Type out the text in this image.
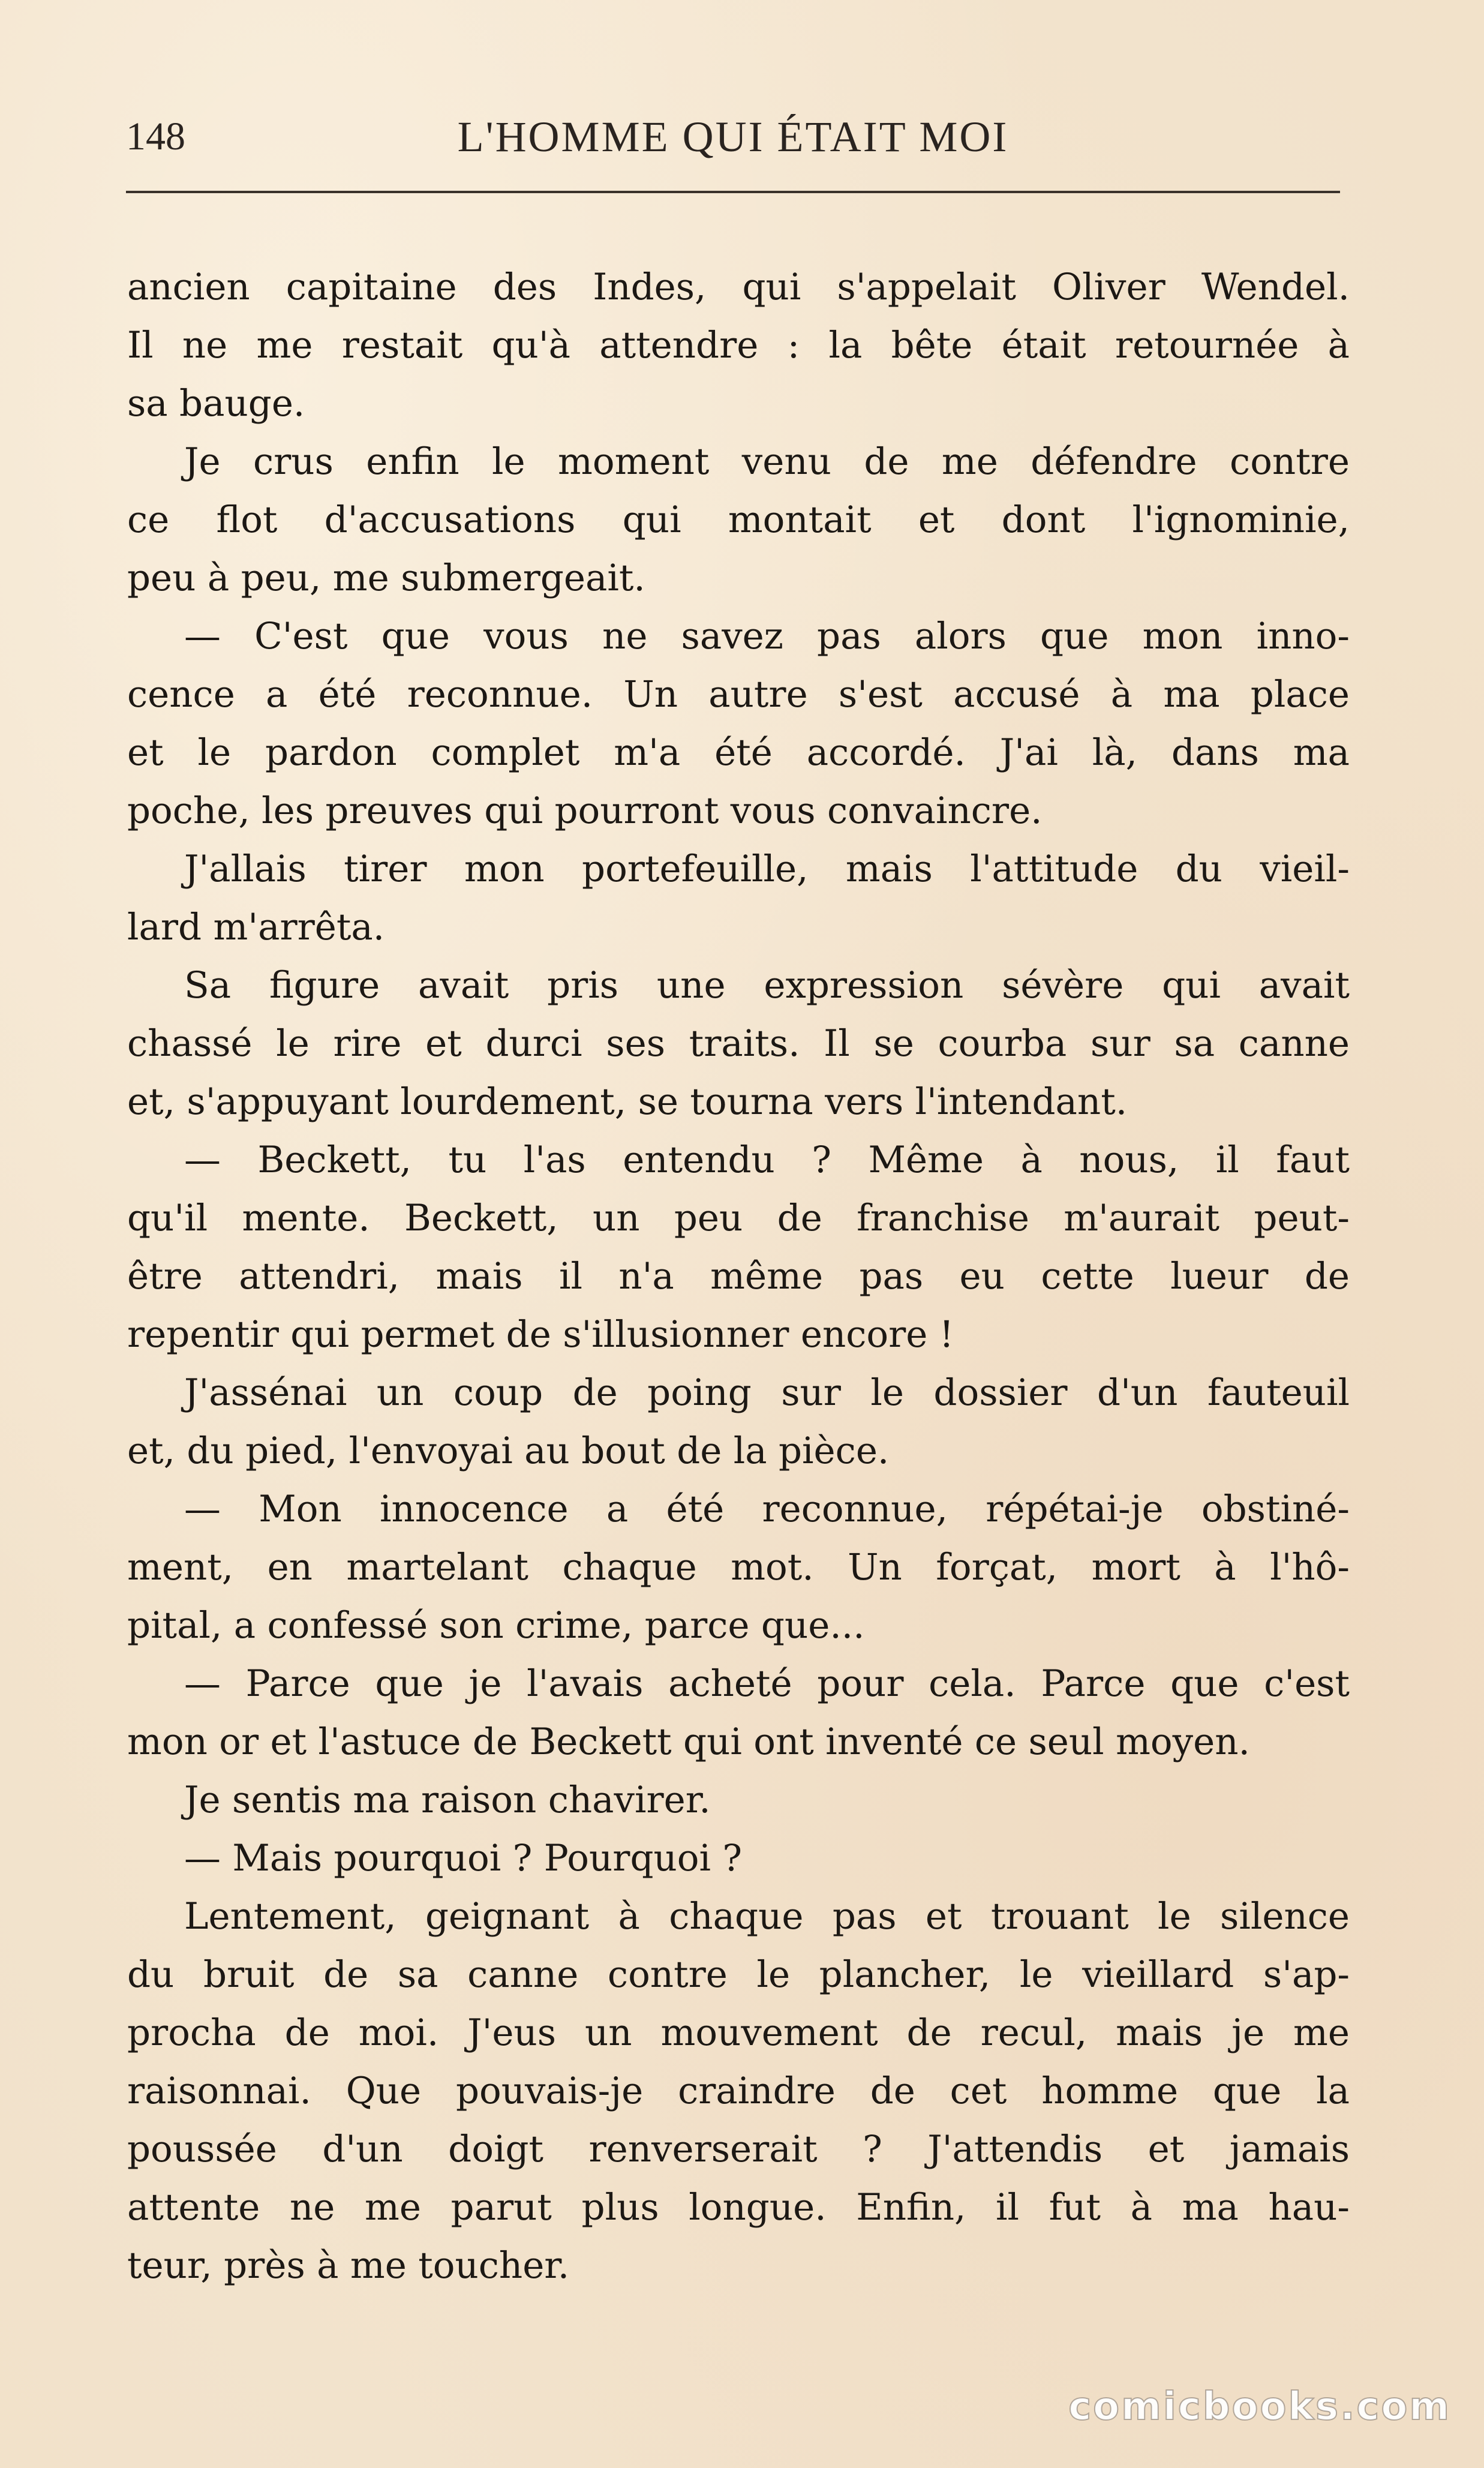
148	L'HOMME QUI ÉTAIT MOI
ancien capitaine des Indes, qui s'appelait Oliver Wendel.
Il ne me restait qu'à attendre : la bête était retournée à
sa bauge.
Je crus enfin le moment venu de me défendre contre
ce flot d'accusations qui montait et dont l'ignominie,
peu à peu, me submergeait.
— C'est que vous ne savez pas alors que mon inno-
cence a été reconnue. Un autre s'est accusé à ma place
et le pardon complet m'a été accordé. J'ai là, dans ma
poche, les preuves qui pourront vous convaincre.
J'allais tirer mon portefeuille, mais l'attitude du vieil-
lard m'arrêta.
Sa figure avait pris une expression sévère qui avait
chassé le rire et durci ses traits. Il se courba sur sa canne
et, s'appuyant lourdement, se tourna vers l'intendant.
— Beckett, tu l'as entendu ? Même à nous, il faut
qu'il mente. Beckett, un peu de franchise m'aurait peut-
être attendri, mais il n'a même pas eu cette lueur de
repentir qui permet de s'illusionner encore !
J'assénai un coup de poing sur le dossier d'un fauteuil
et, du pied, l'envoyai au bout de la pièce.
— Mon innocence a été reconnue, répétai-je obstiné-
ment, en martelant chaque mot. Un forçat, mort à l'hô-
pital, a confessé son crime, parce que...
— Parce que je l'avais acheté pour cela. Parce que c'est
mon or et l'astuce de Beckett qui ont inventé ce seul moyen.
Je sentis ma raison chavirer.
— Mais pourquoi ? Pourquoi ?
Lentement, geignant à chaque pas et trouant le silence
du bruit de sa canne contre le plancher, le vieillard s'ap-
procha de moi. J'eus un mouvement de recul, mais je me
raisonnai. Que pouvais-je craindre de cet homme que la
poussée d'un doigt renverserait ? J'attendis et jamais
attente ne me parut plus longue. Enfin, il fut à ma hau-
teur, près à me toucher.
comicbooks.com
